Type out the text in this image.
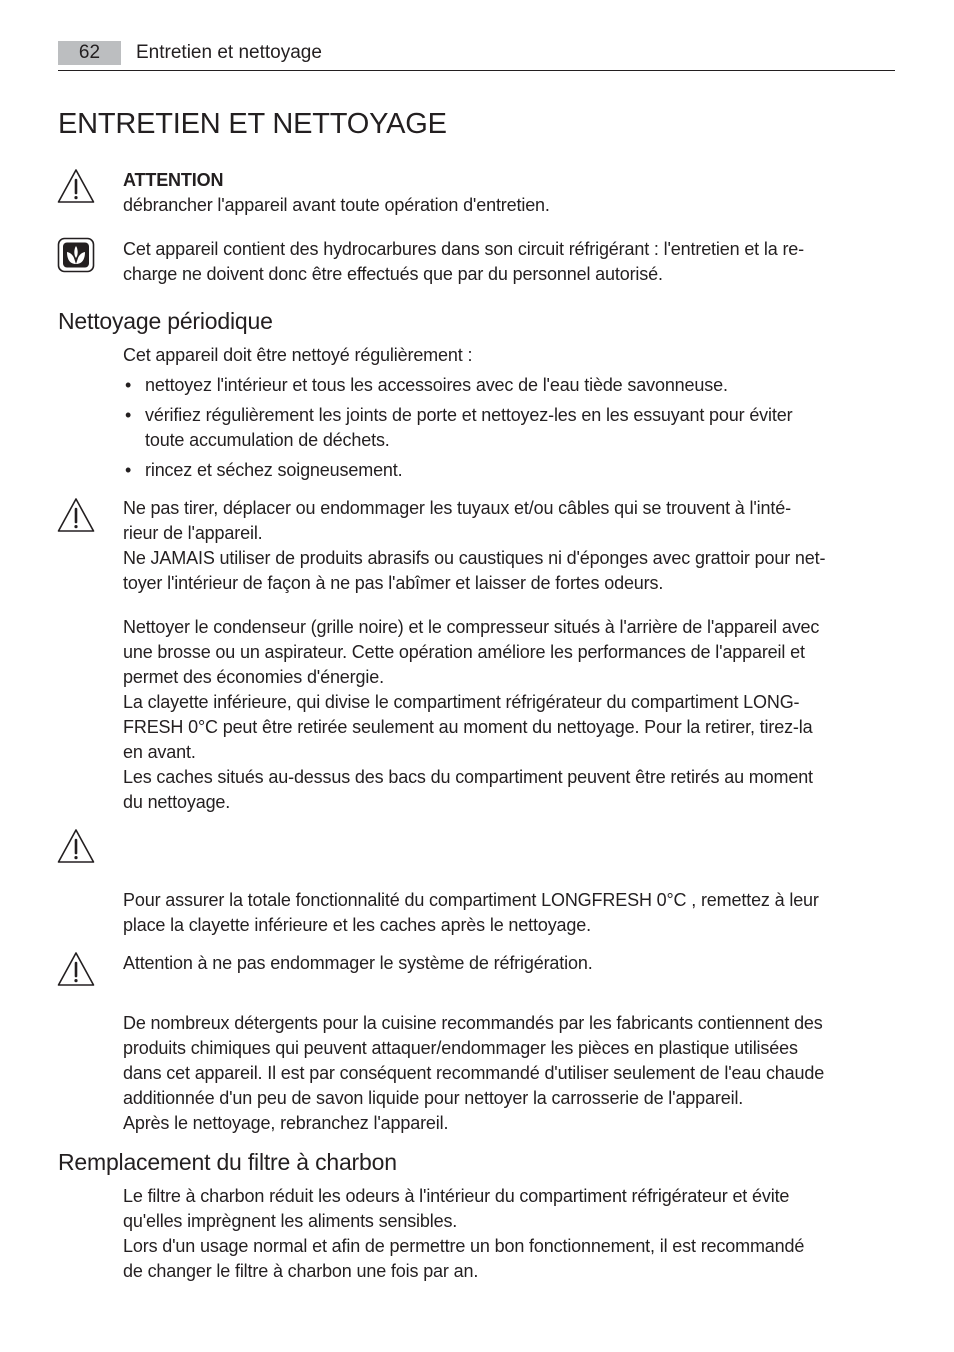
62	Entretien et nettoyage
ENTRETIEN ET NETTOYAGE

ATTENTION

débrancher l'appareil avant toute opération d'entretien.

Cet appareil contient des hydrocarbures dans son circuit réfrigérant : l'entretien et la re-

charge ne doivent donc être effectués que par du personnel autorisé.

Nettoyage périodique

Cet appareil doit être nettoyé régulièrement :

• nettoyez l'intérieur et tous les accessoires avec de l'eau tiède savonneuse.
• vérifiez régulièrement les joints de porte et nettoyez-les en les essuyant pour éviter
toute accumulation de déchets.
• rincez et séchez soigneusement.

Ne pas tirer, déplacer ou endommager les tuyaux et/ou câbles qui se trouvent à l'inté-

rieur de l'appareil.

Ne JAMAIS utiliser de produits abrasifs ou caustiques ni d'éponges avec grattoir pour net-

toyer l'intérieur de façon à ne pas l'abîmer et laisser de fortes odeurs.

Nettoyer le condenseur (grille noire) et le compresseur situés à l'arrière de l'appareil avec

une brosse ou un aspirateur. Cette opération améliore les performances de l'appareil et

permet des économies d'énergie.

La clayette inférieure, qui divise le compartiment réfrigérateur du compartiment LONG-

FRESH 0°C peut être retirée seulement au moment du nettoyage. Pour la retirer, tirez-la

en avant.

Les caches situés au-dessus des bacs du compartiment peuvent être retirés au moment

du nettoyage.

Pour assurer la totale fonctionnalité du compartiment LONGFRESH 0°C , remettez à leur

place la clayette inférieure et les caches après le nettoyage.

Attention à ne pas endommager le système de réfrigération.

De nombreux détergents pour la cuisine recommandés par les fabricants contiennent des

produits chimiques qui peuvent attaquer/endommager les pièces en plastique utilisées

dans cet appareil. Il est par conséquent recommandé d'utiliser seulement de l'eau chaude

additionnée d'un peu de savon liquide pour nettoyer la carrosserie de l'appareil.

Après le nettoyage, rebranchez l'appareil.

Remplacement du filtre à charbon

Le filtre à charbon réduit les odeurs à l'intérieur du compartiment réfrigérateur et évite

qu'elles imprègnent les aliments sensibles.

Lors d'un usage normal et afin de permettre un bon fonctionnement, il est recommandé

de changer le filtre à charbon une fois par an.
